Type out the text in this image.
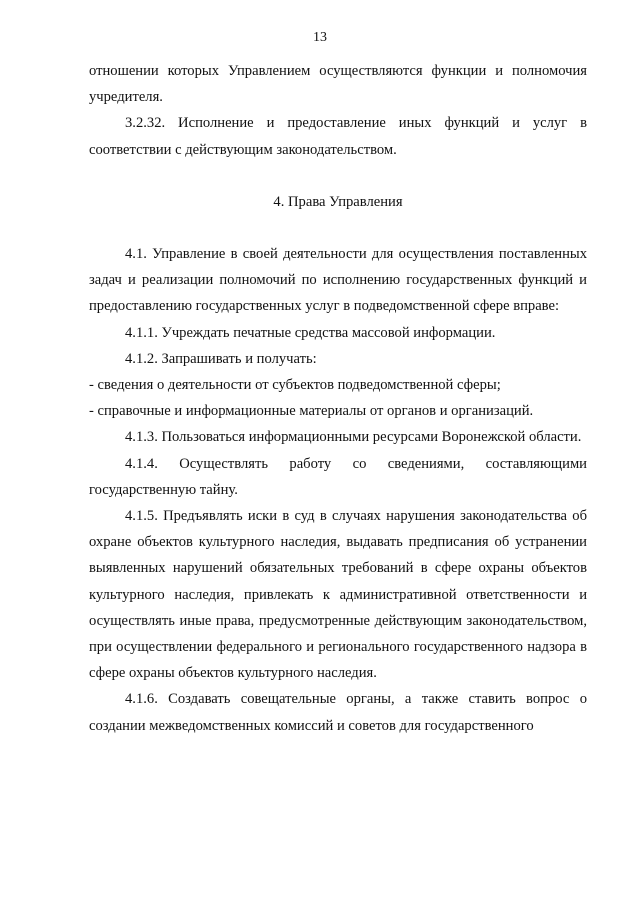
13

отношении которых Управлением осуществляются функции и полномочия учредителя.

3.2.32. Исполнение и предоставление иных функций и услуг в соответствии с действующим законодательством.

4. Права Управления

4.1. Управление в своей деятельности для осуществления поставленных задач и реализации полномочий по исполнению государственных функций и предоставлению государственных услуг в подведомственной сфере вправе:

4.1.1. Учреждать печатные средства массовой информации.

4.1.2. Запрашивать и получать:

- сведения о деятельности от субъектов подведомственной сферы;

- справочные и информационные материалы от органов и организаций.

4.1.3. Пользоваться информационными ресурсами Воронежской области.

4.1.4. Осуществлять работу со сведениями, составляющими государственную тайну.

4.1.5. Предъявлять иски в суд в случаях нарушения законодательства об охране объектов культурного наследия, выдавать предписания об устранении выявленных нарушений обязательных требований в сфере охраны объектов культурного наследия, привлекать к административной ответственности и осуществлять иные права, предусмотренные действующим законодательством, при осуществлении федерального и регионального государственного надзора в сфере охраны объектов культурного наследия.

4.1.6. Создавать совещательные органы, а также ставить вопрос о создании межведомственных комиссий и советов для государственного
